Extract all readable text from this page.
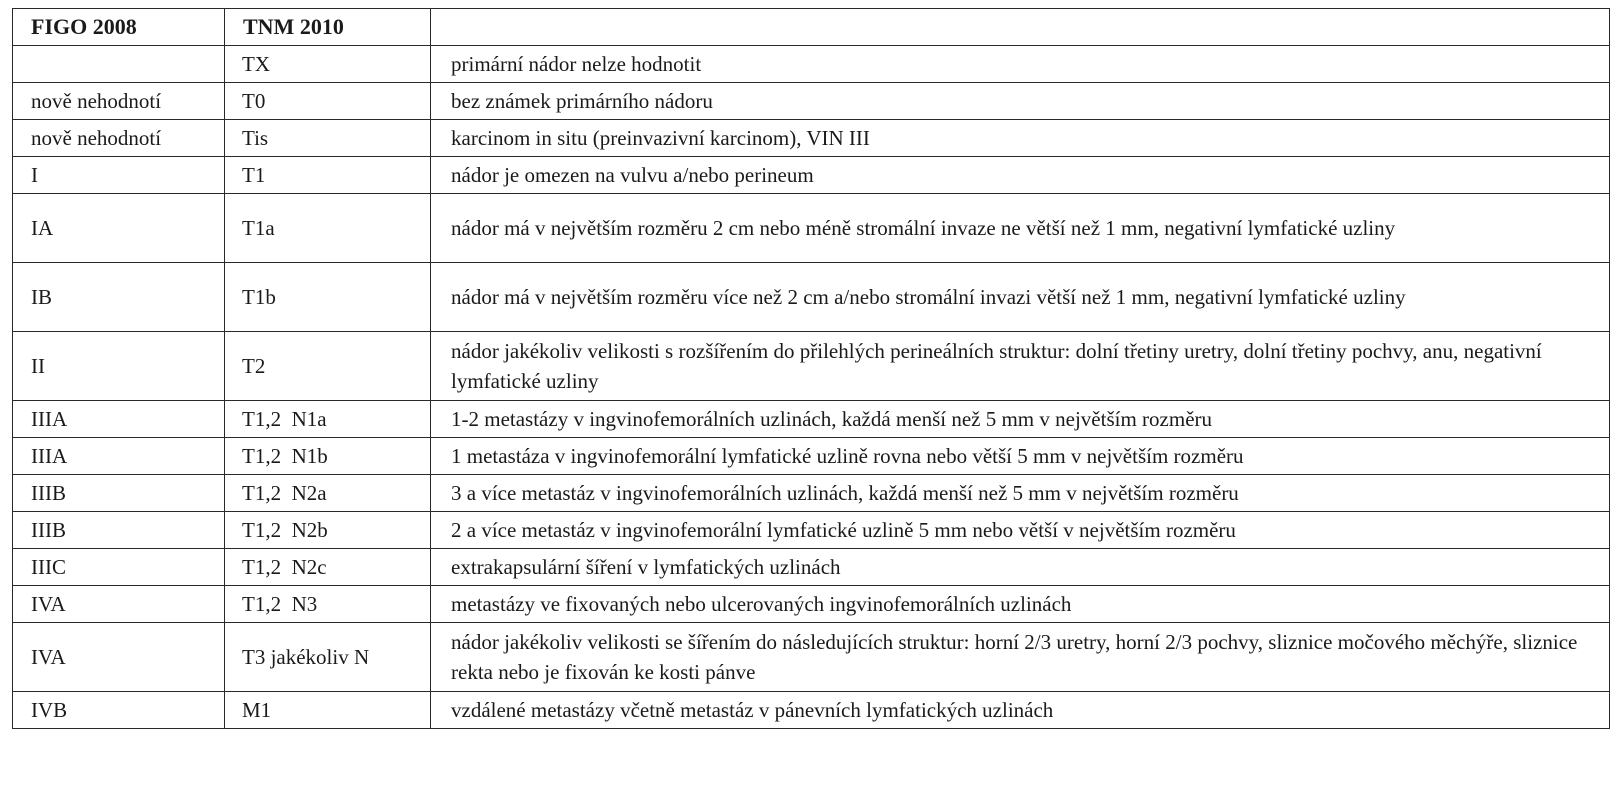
FIGO 2008	TNM 2010	
	TX	primární nádor nelze hodnotit
nově nehodnotí	T0	bez známek primárního nádoru
nově nehodnotí	Tis	karcinom in situ (preinvazivní karcinom), VIN III
I	T1	nádor je omezen na vulvu a/nebo perineum
IA	T1a	nádor má v největším rozměru 2 cm nebo méně stromální invaze ne větší než 1 mm, negativní lymfatické uzliny
IB	T1b	nádor má v největším rozměru více než 2 cm a/nebo stromální invazi větší než 1 mm, negativní lymfatické uzliny
II	T2	nádor jakékoliv velikosti s rozšířením do přilehlých perineálních struktur: dolní třetiny uretry, dolní třetiny pochvy, anu, negativní lymfatické uzliny
IIIA	T1,2  N1a	1-2 metastázy v ingvinofemorálních uzlinách, každá menší než 5 mm v největším rozměru
IIIA	T1,2  N1b	1 metastáza v ingvinofemorální lymfatické uzlině rovna nebo větší 5 mm v největším rozměru
IIIB	T1,2  N2a	3 a více metastáz v ingvinofemorálních uzlinách, každá menší než 5 mm v největším rozměru
IIIB	T1,2  N2b	2 a více metastáz v ingvinofemorální lymfatické uzlině 5 mm nebo větší v největším rozměru
IIIC	T1,2  N2c	extrakapsulární šíření v lymfatických uzlinách
IVA	T1,2  N3	metastázy ve fixovaných nebo ulcerovaných ingvinofemorálních uzlinách
IVA	T3 jakékoliv N	nádor jakékoliv velikosti se šířením do následujících struktur: horní 2/3 uretry, horní 2/3 pochvy, sliznice močového měchýře, sliznice rekta nebo je fixován ke kosti pánve
IVB	M1	vzdálené metastázy včetně metastáz v pánevních lymfatických uzlinách
